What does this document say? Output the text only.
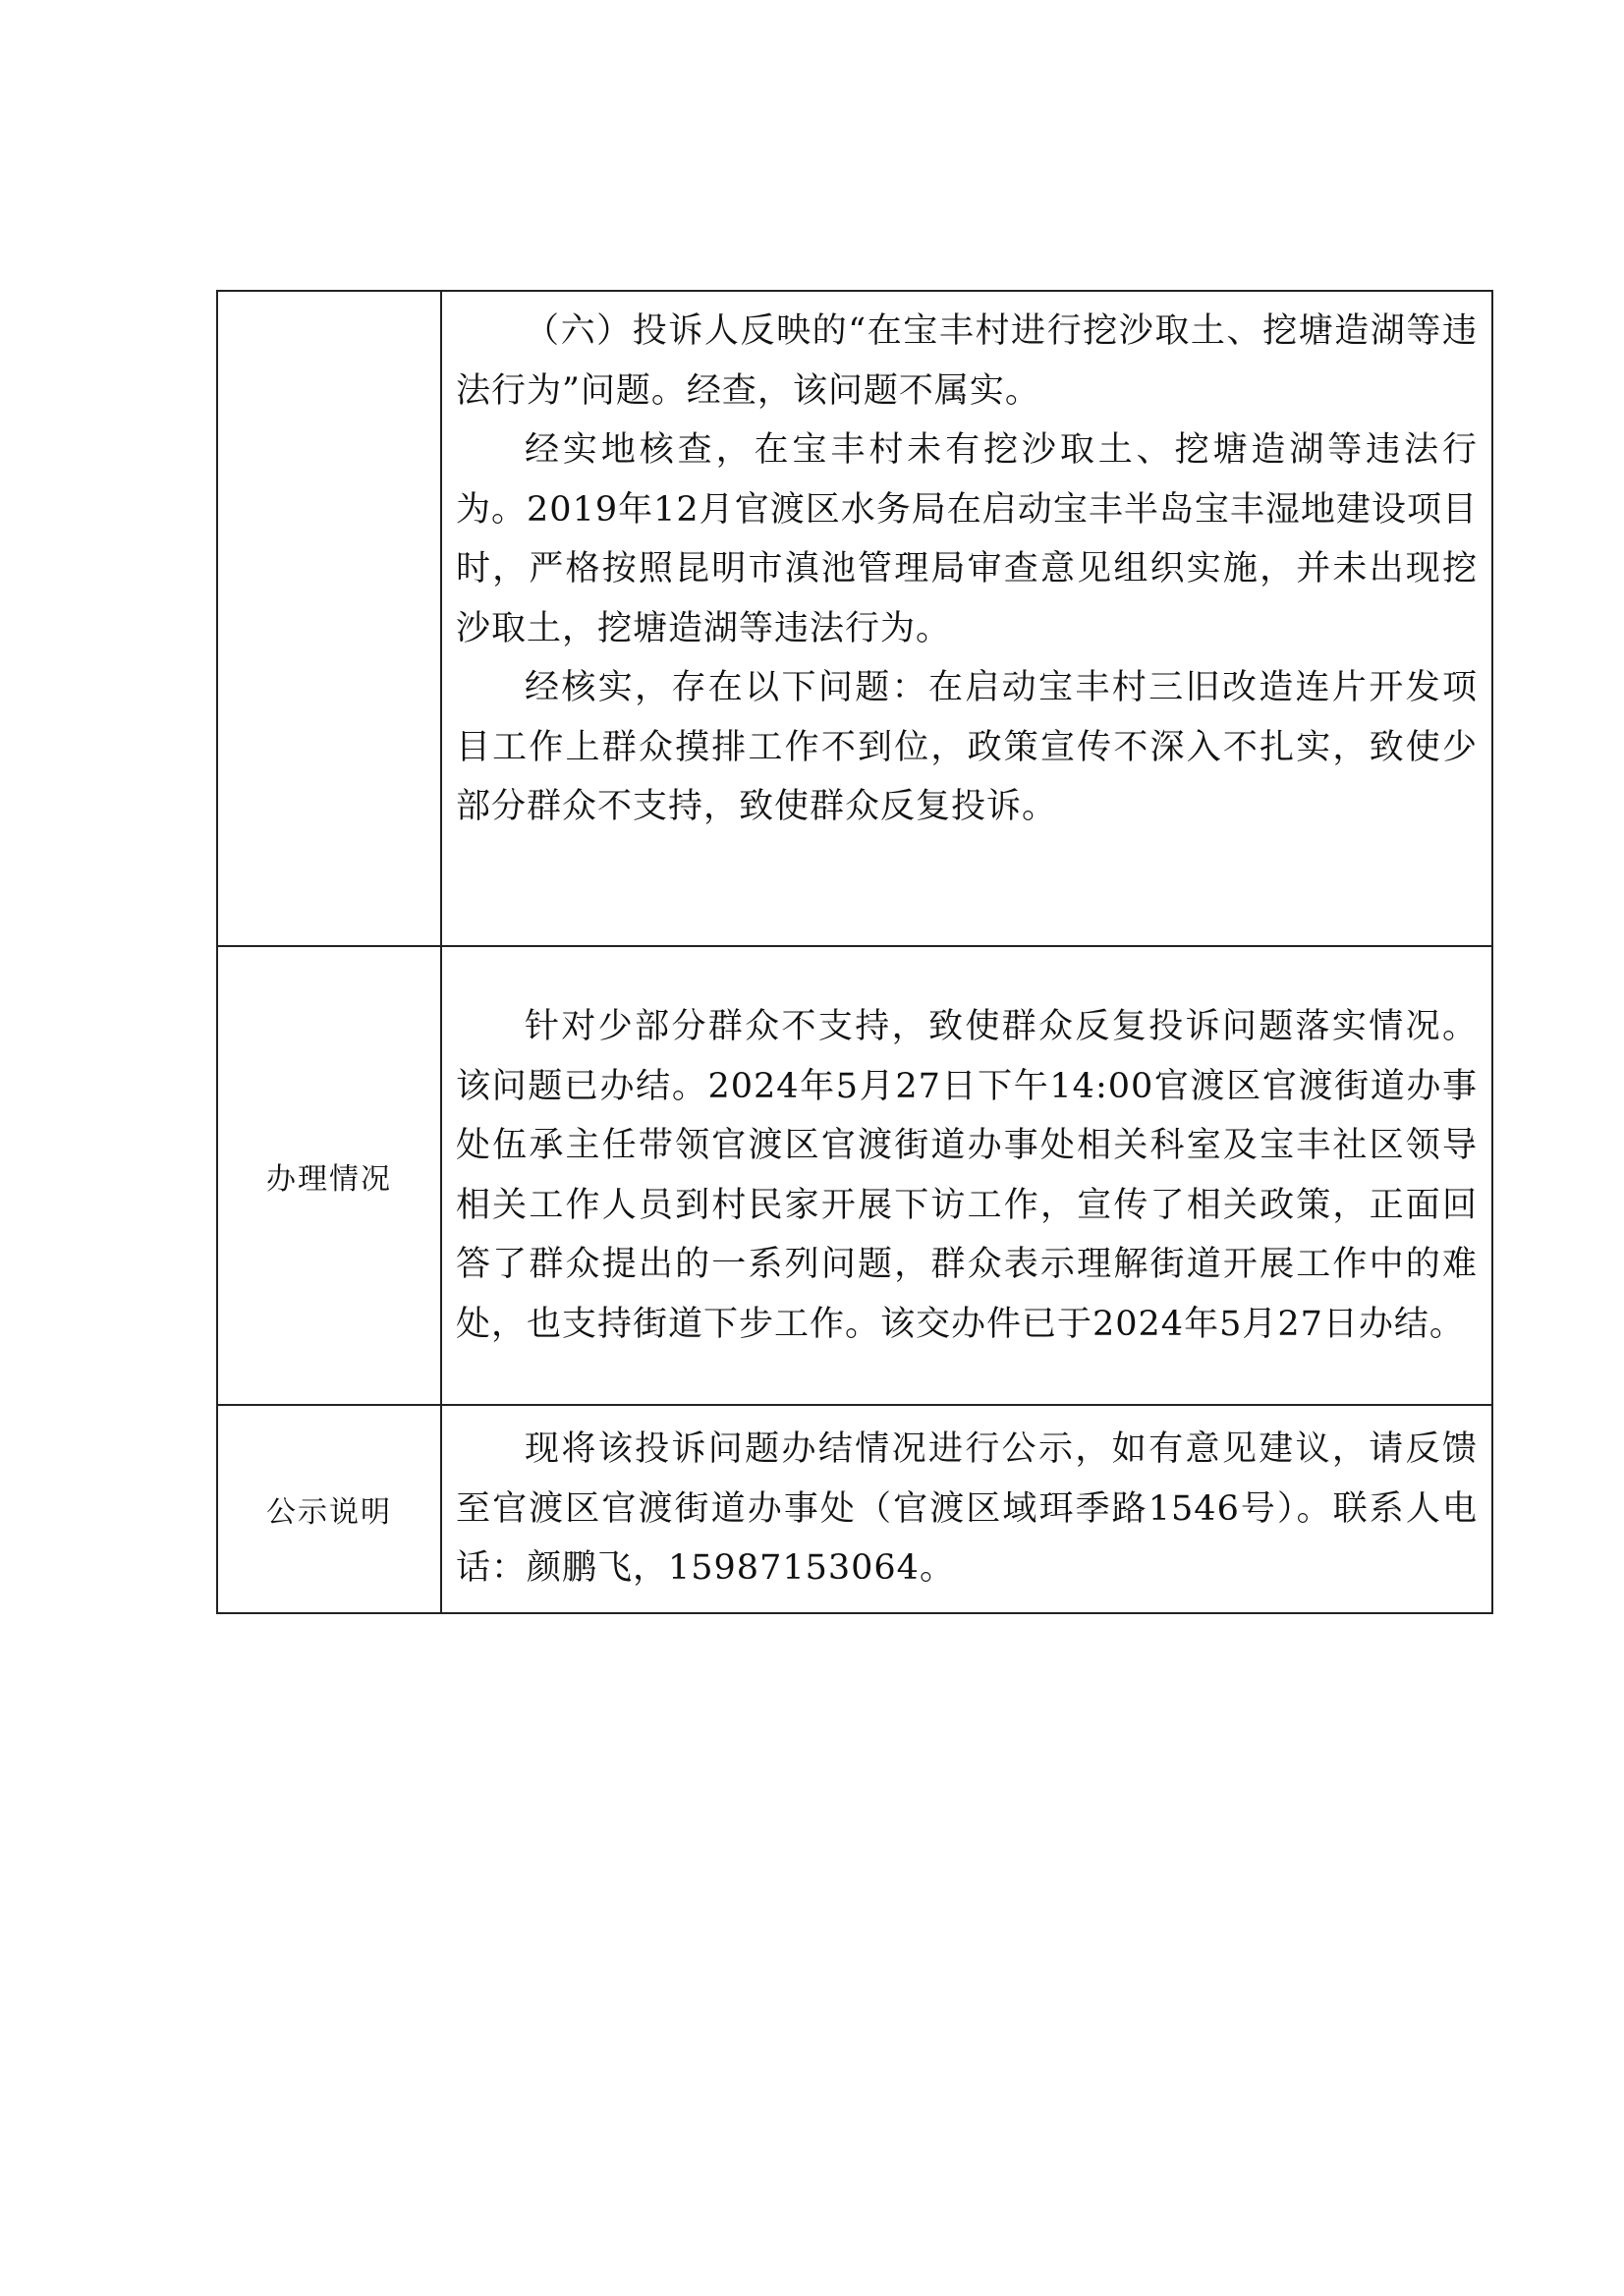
	（六）投诉人反映的“在宝丰村进行挖沙取土、挖塘造湖等违法行为”问题。经查，该问题不属实。

经实地核查，在宝丰村未有挖沙取土、挖塘造湖等违法行为。2019年12月官渡区水务局在启动宝丰半岛宝丰湿地建设项目时，严格按照昆明市滇池管理局审查意见组织实施，并未出现挖沙取土，挖塘造湖等违法行为。

经核实，存在以下问题：在启动宝丰村三旧改造连片开发项目工作上群众摸排工作不到位，政策宣传不深入不扎实，致使少部分群众不支持，致使群众反复投诉。

办理情况	针对少部分群众不支持，致使群众反复投诉问题落实情况。该问题已办结。2024年5月27日下午14:00官渡区官渡街道办事处伍承主任带领官渡区官渡街道办事处相关科室及宝丰社区领导相关工作人员到村民家开展下访工作，宣传了相关政策，正面回答了群众提出的一系列问题，群众表示理解街道开展工作中的难处，也支持街道下步工作。该交办件已于2024年5月27日办结。

公示说明	现将该投诉问题办结情况进行公示，如有意见建议，请反馈至官渡区官渡街道办事处（官渡区域珥季路1546号）。联系人电话：颜鹏飞，15987153064。
